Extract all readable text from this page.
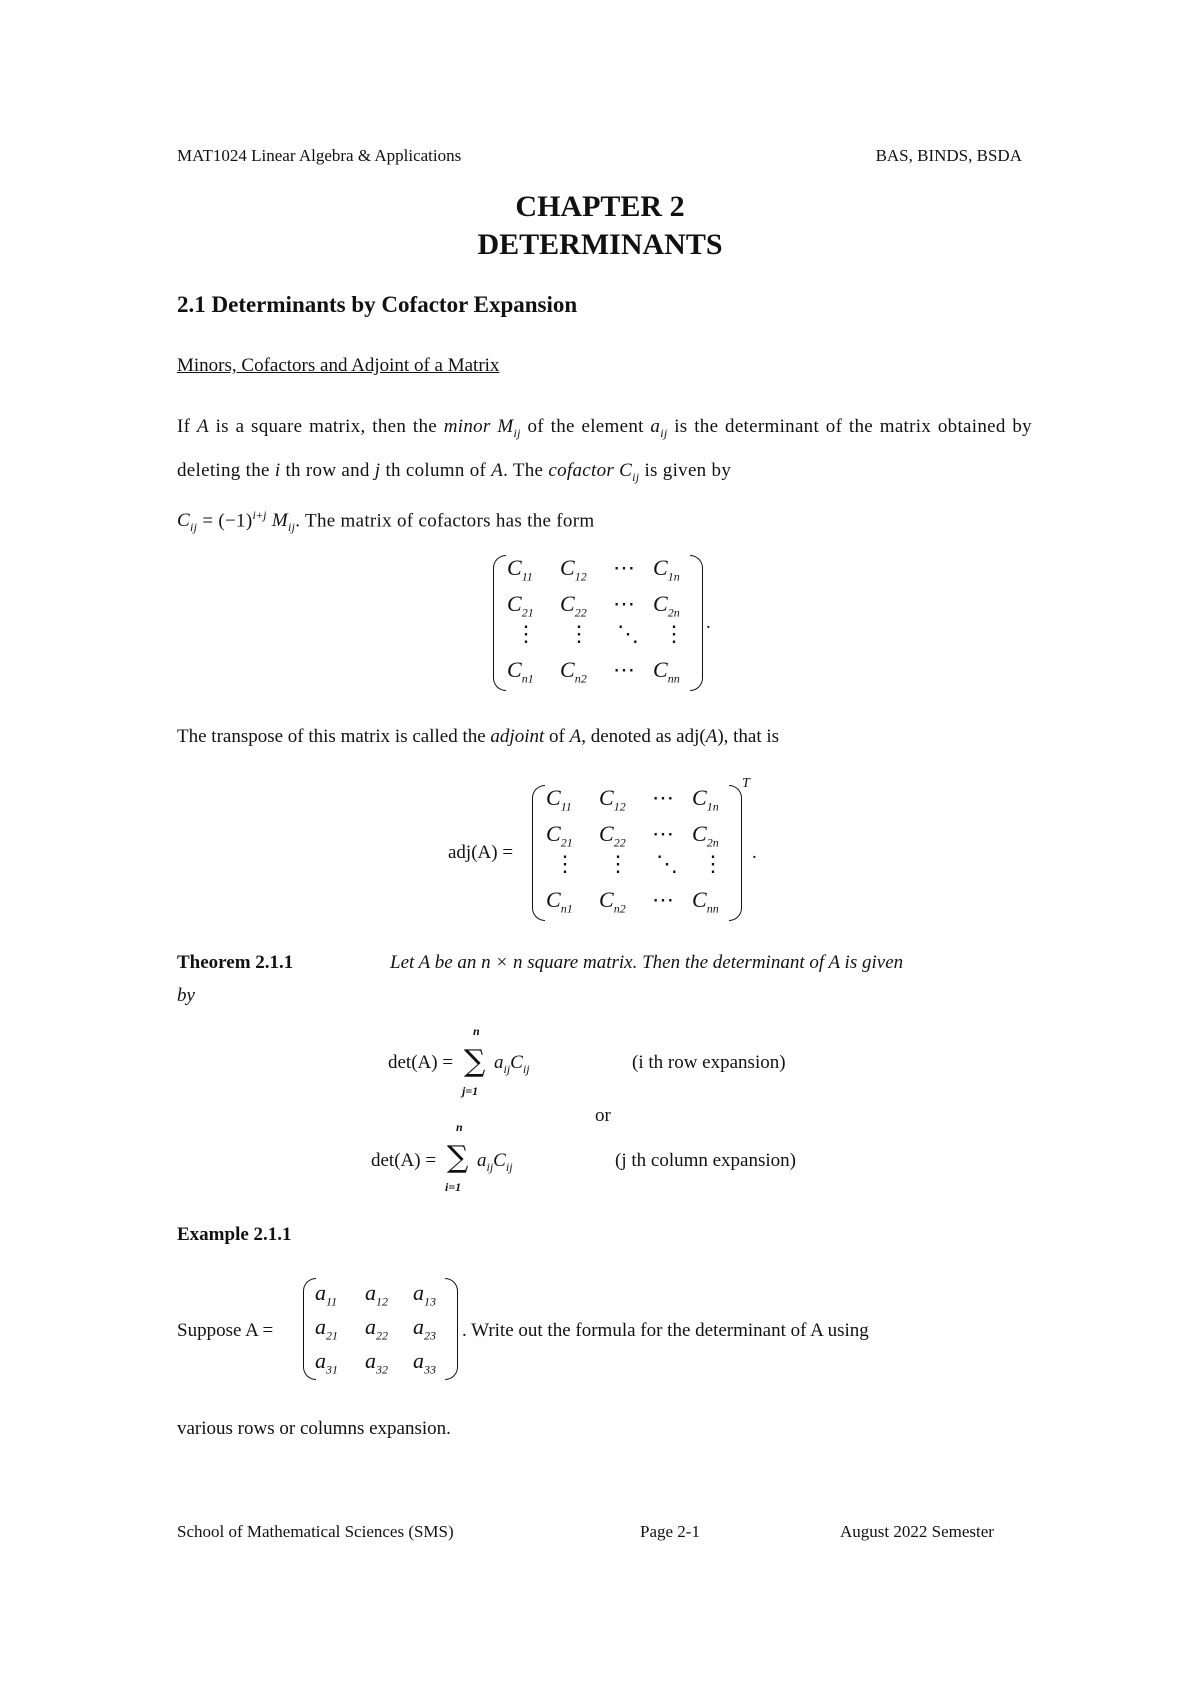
MAT1024 Linear Algebra & Applications	BAS, BINDS, BSDA
CHAPTER 2
DETERMINANTS
2.1 Determinants by Cofactor Expansion
Minors, Cofactors and Adjoint of a Matrix
If A is a square matrix, then the minor $M_{ij}$ of the element $a_{ij}$ is the determinant of the matrix obtained by deleting the i th row and j th column of A. The cofactor $C_{ij}$ is given by
$C_{ij} = (-1)^{i+j}$ $M_{ij}$. The matrix of cofactors has the form
$C_{11}$ $C_{12}$ ⋯ $C_{1n}$
$C_{21}$ $C_{22}$ ⋯ $C_{2n}$
⋮ ⋮ ⋱ ⋮
$C_{n1}$ $C_{n2}$ ⋯ $C_{nn}$
.
The transpose of this matrix is called the adjoint of A, denoted as adj(A), that is
adj(A) =
$C_{11}$ $C_{12}$ ⋯ $C_{1n}$
$C_{21}$ $C_{22}$ ⋯ $C_{2n}$
⋮ ⋮ ⋱ ⋮
$C_{n1}$ $C_{n2}$ ⋯ $C_{nn}$
T
.
Theorem 2.1.1	Let A be an n × n square matrix. Then the determinant of A is given
by
det(A) =
n
∑
j=1
$a_{ij}C_{ij}$	(i th row expansion)
or
det(A) =
n
∑
i=1
$a_{ij}C_{ij}$	(j th column expansion)
Example 2.1.1
Suppose A =
$a_{11}$ $a_{12}$ $a_{13}$
$a_{21}$ $a_{22}$ $a_{23}$
$a_{31}$ $a_{32}$ $a_{33}$
. Write out the formula for the determinant of A using
various rows or columns expansion.
School of Mathematical Sciences (SMS)	Page 2-1	August 2022 Semester
